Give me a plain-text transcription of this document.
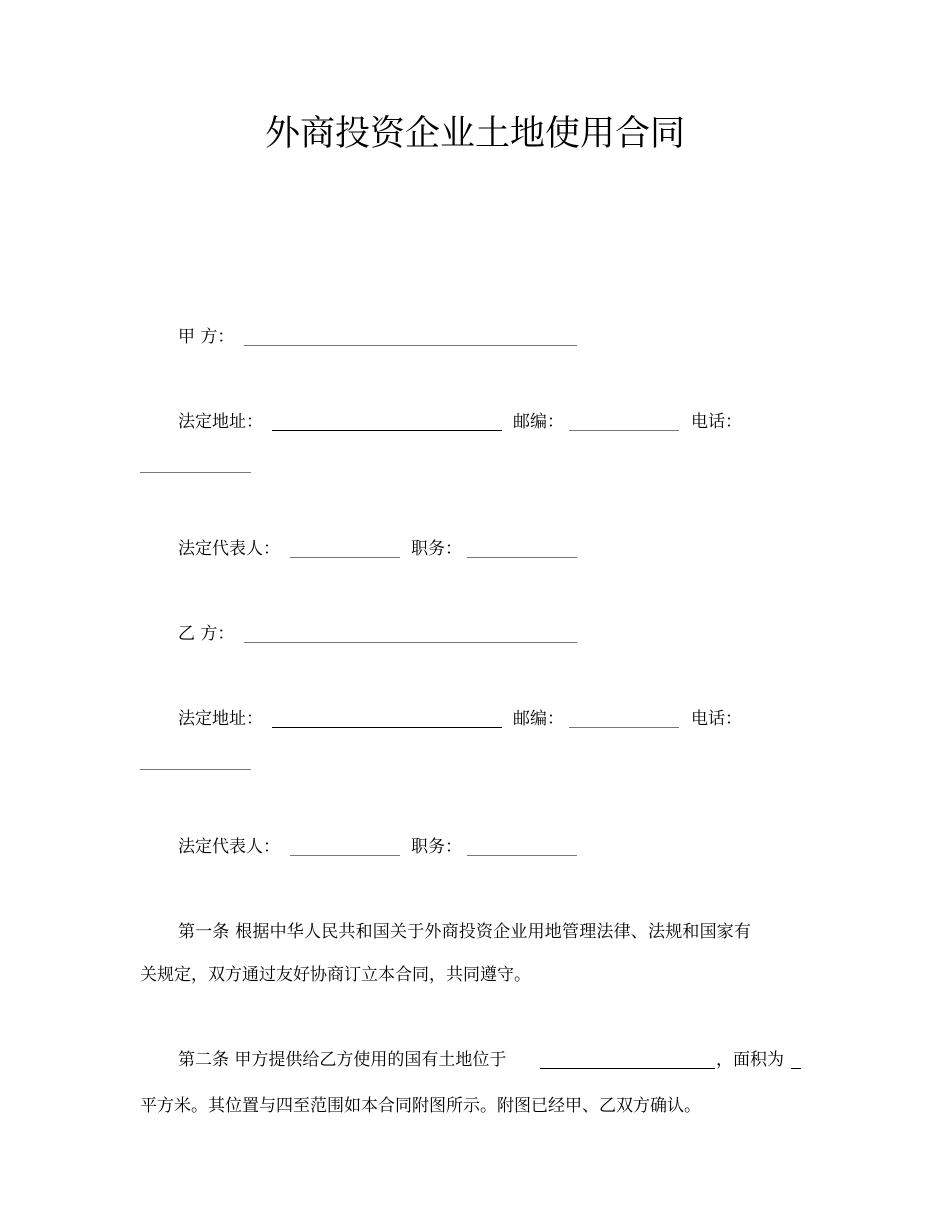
外商投资企业土地使用合同
甲 方：
法定地址：	邮编：	电话：
法定代表人：	职务：
乙 方：
法定地址：	邮编：	电话：
法定代表人：	职务：
第一条 根据中华人民共和国关于外商投资企业用地管理法律、法规和国家有
关规定，双方通过友好协商订立本合同，共同遵守。
第二条 甲方提供给乙方使用的国有土地位于	，面积为
平方米。其位置与四至范围如本合同附图所示。附图已经甲、乙双方确认。
